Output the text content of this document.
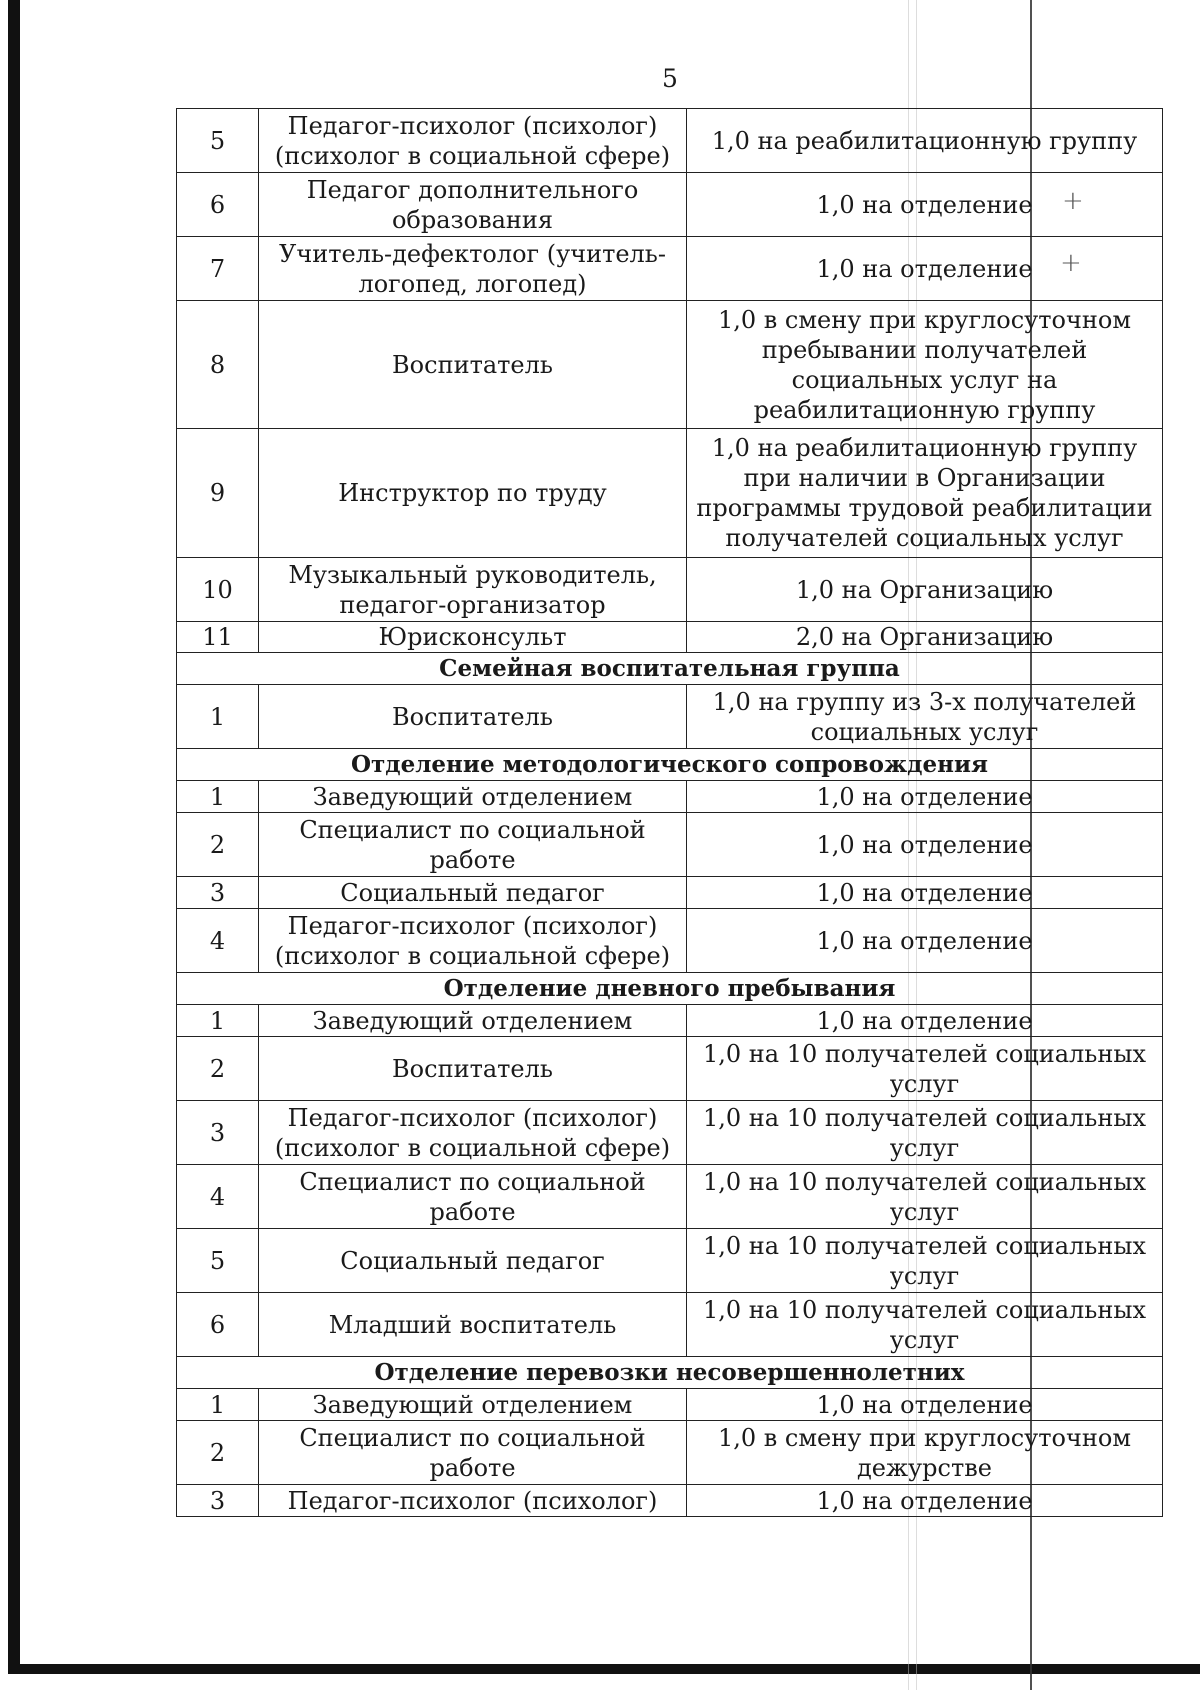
5
5	Педагог-психолог (психолог) (психолог в социальной сфере)	1,0 на реабилитационную группу
6	Педагог дополнительного образования	1,0 на отделение
7	Учитель-дефектолог (учитель-логопед, логопед)	1,0 на отделение
8	Воспитатель	1,0 в смену при круглосуточном пребывании получателей социальных услуг на реабилитационную группу
9	Инструктор по труду	1,0 на реабилитационную группу при наличии в Организации программы трудовой реабилитации получателей социальных услуг
10	Музыкальный руководитель, педагог-организатор	1,0 на Организацию
11	Юрисконсульт	2,0 на Организацию
Семейная воспитательная группа		
1	Воспитатель	1,0 на группу из 3-х получателей социальных услуг
Отделение методологического сопровождения		
1	Заведующий отделением	1,0 на отделение
2	Специалист по социальной работе	1,0 на отделение
3	Социальный педагог	1,0 на отделение
4	Педагог-психолог (психолог) (психолог в социальной сфере)	1,0 на отделение
Отделение дневного пребывания		
1	Заведующий отделением	1,0 на отделение
2	Воспитатель	1,0 на 10 получателей социальных услуг
3	Педагог-психолог (психолог) (психолог в социальной сфере)	1,0 на 10 получателей социальных услуг
4	Специалист по социальной работе	1,0 на 10 получателей социальных услуг
5	Социальный педагог	1,0 на 10 получателей социальных услуг
6	Младший воспитатель	1,0 на 10 получателей социальных услуг
Отделение перевозки несовершеннолетних		
1	Заведующий отделением	1,0 на отделение
2	Специалист по социальной работе	1,0 в смену при круглосуточном дежурстве
3	Педагог-психолог (психолог)	1,0 на отделение
+
+
